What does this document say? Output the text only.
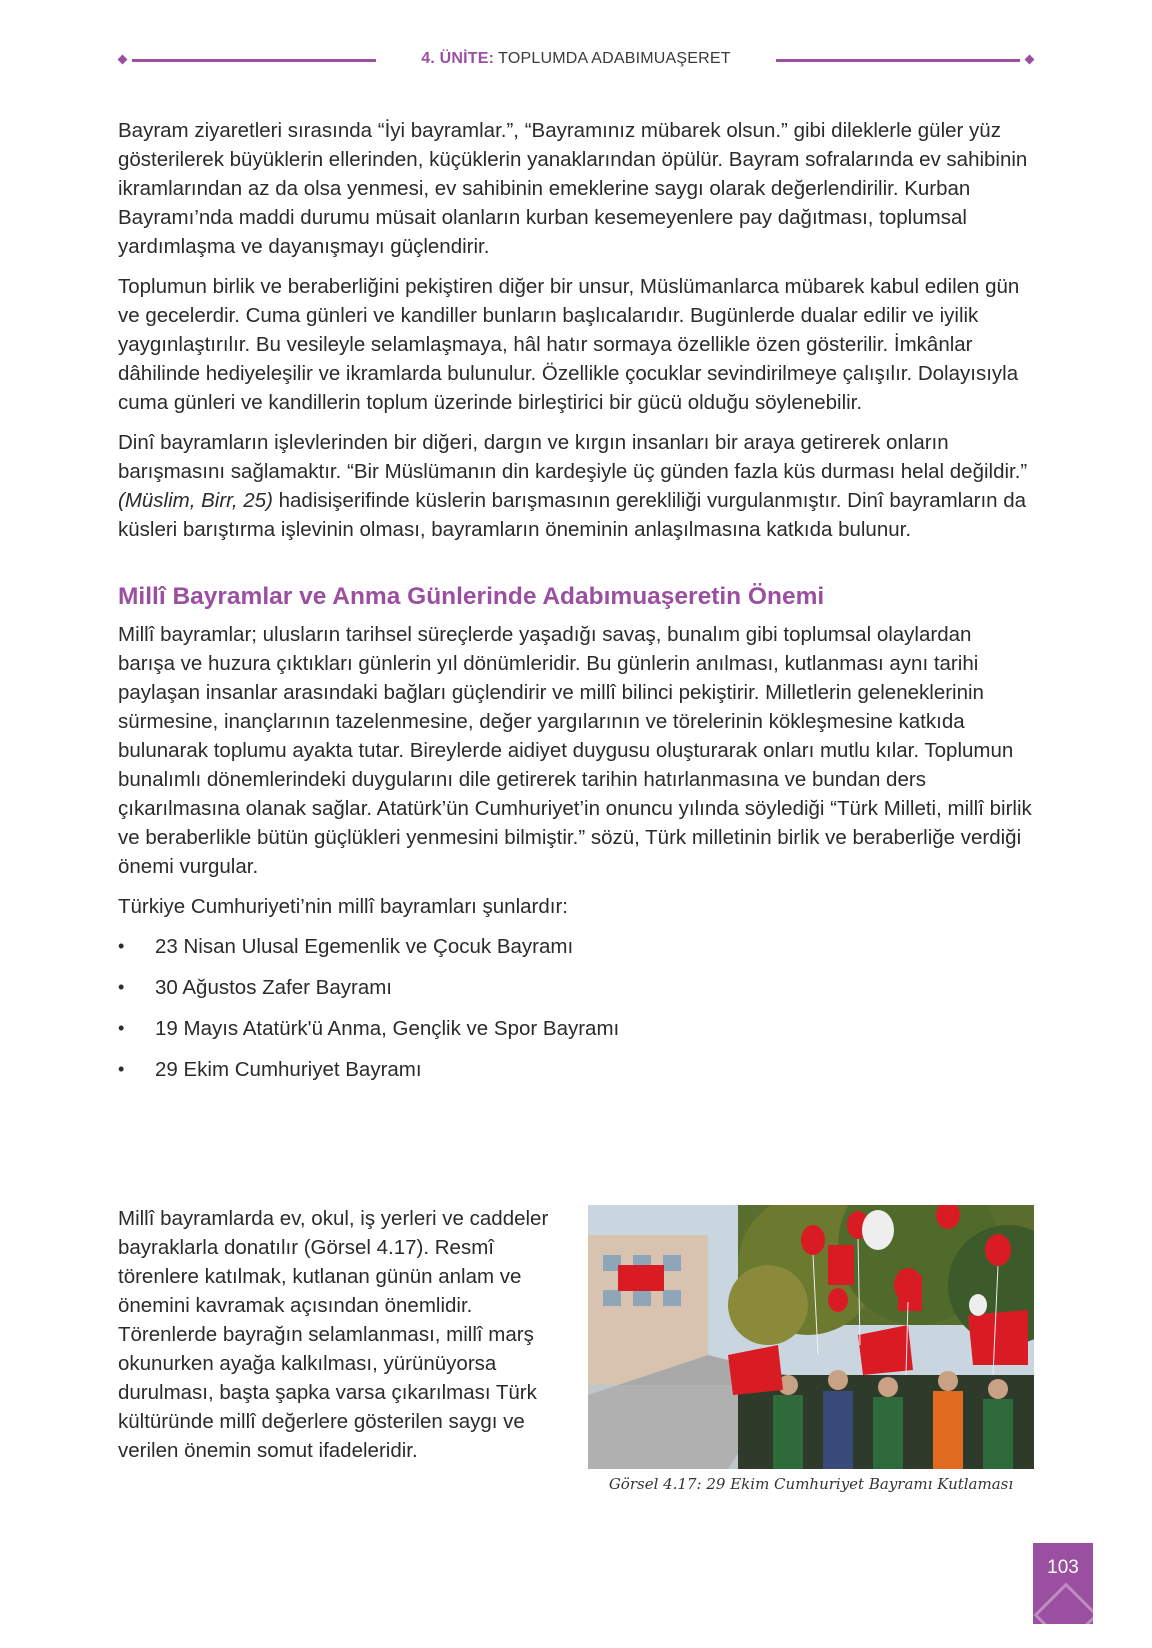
4. ÜNİTE: TOPLUMDA ADABIMUAŞERET

Bayram ziyaretleri sırasında “İyi bayramlar.”, “Bayramınız mübarek olsun.” gibi dileklerle güler yüz gösterilerek büyüklerin ellerinden, küçüklerin yanaklarından öpülür. Bayram sofralarında ev sahibinin ikramlarından az da olsa yenmesi, ev sahibinin emeklerine saygı olarak değerlendirilir. Kurban Bayramı’nda maddi durumu müsait olanların kurban kesemeyenlere pay dağıtması, toplumsal yardımlaşma ve dayanışmayı güçlendirir.

Toplumun birlik ve beraberliğini pekiştiren diğer bir unsur, Müslümanlarca mübarek kabul edilen gün ve gecelerdir. Cuma günleri ve kandiller bunların başlıcalarıdır. Bugünlerde dualar edilir ve iyilik yaygınlaştırılır. Bu vesileyle selamlaşmaya, hâl hatır sormaya özellikle özen gösterilir. İmkânlar dâhilinde hediyeleşilir ve ikramlarda bulunulur. Özellikle çocuklar sevindirilmeye çalışılır. Dolayısıyla cuma günleri ve kandillerin toplum üzerinde birleştirici bir gücü olduğu söylenebilir.

Dinî bayramların işlevlerinden bir diğeri, dargın ve kırgın insanları bir araya getirerek onların barışmasını sağlamaktır. “Bir Müslümanın din kardeşiyle üç günden fazla küs durması helal değildir.” (Müslim, Birr, 25) hadisişerifinde küslerin barışmasının gerekliliği vurgulanmıştır. Dinî bayramların da küsleri barıştırma işlevinin olması, bayramların öneminin anlaşılmasına katkıda bulunur.

Millî Bayramlar ve Anma Günlerinde Adabımuaşeretin Önemi

Millî bayramlar; ulusların tarihsel süreçlerde yaşadığı savaş, bunalım gibi toplumsal olaylardan barışa ve huzura çıktıkları günlerin yıl dönümleridir. Bu günlerin anılması, kutlanması aynı tarihi paylaşan insanlar arasındaki bağları güçlendirir ve millî bilinci pekiştirir. Milletlerin geleneklerinin sürmesine, inançlarının tazelenmesine, değer yargılarının ve törelerinin kökleşmesine katkıda bulunarak toplumu ayakta tutar. Bireylerde aidiyet duygusu oluşturarak onları mutlu kılar. Toplumun bunalımlı dönemlerindeki duygularını dile getirerek tarihin hatırlanmasına ve bundan ders çıkarılmasına olanak sağlar. Atatürk’ün Cumhuriyet’in onuncu yılında söylediği “Türk Milleti, millî birlik ve beraberlikle bütün güçlükleri yenmesini bilmiştir.” sözü, Türk milletinin birlik ve beraberliğe verdiği önemi vurgular.

Türkiye Cumhuriyeti’nin millî bayramları şunlardır:

• 23 Nisan Ulusal Egemenlik ve Çocuk Bayramı
• 30 Ağustos Zafer Bayramı
• 19 Mayıs Atatürk'ü Anma, Gençlik ve Spor Bayramı
• 29 Ekim Cumhuriyet Bayramı

Millî bayramlarda ev, okul, iş yerleri ve caddeler bayraklarla donatılır (Görsel 4.17). Resmî törenlere katılmak, kutlanan günün anlam ve önemini kavramak açısından önemlidir. Törenlerde bayrağın selamlanması, millî marş okunurken ayağa kalkılması, yürünüyorsa durulması, başta şapka varsa çıkarılması Türk kültüründe millî değerlere gösterilen saygı ve verilen önemin somut ifadeleridir.

Görsel 4.17: 29 Ekim Cumhuriyet Bayramı Kutlaması
103
